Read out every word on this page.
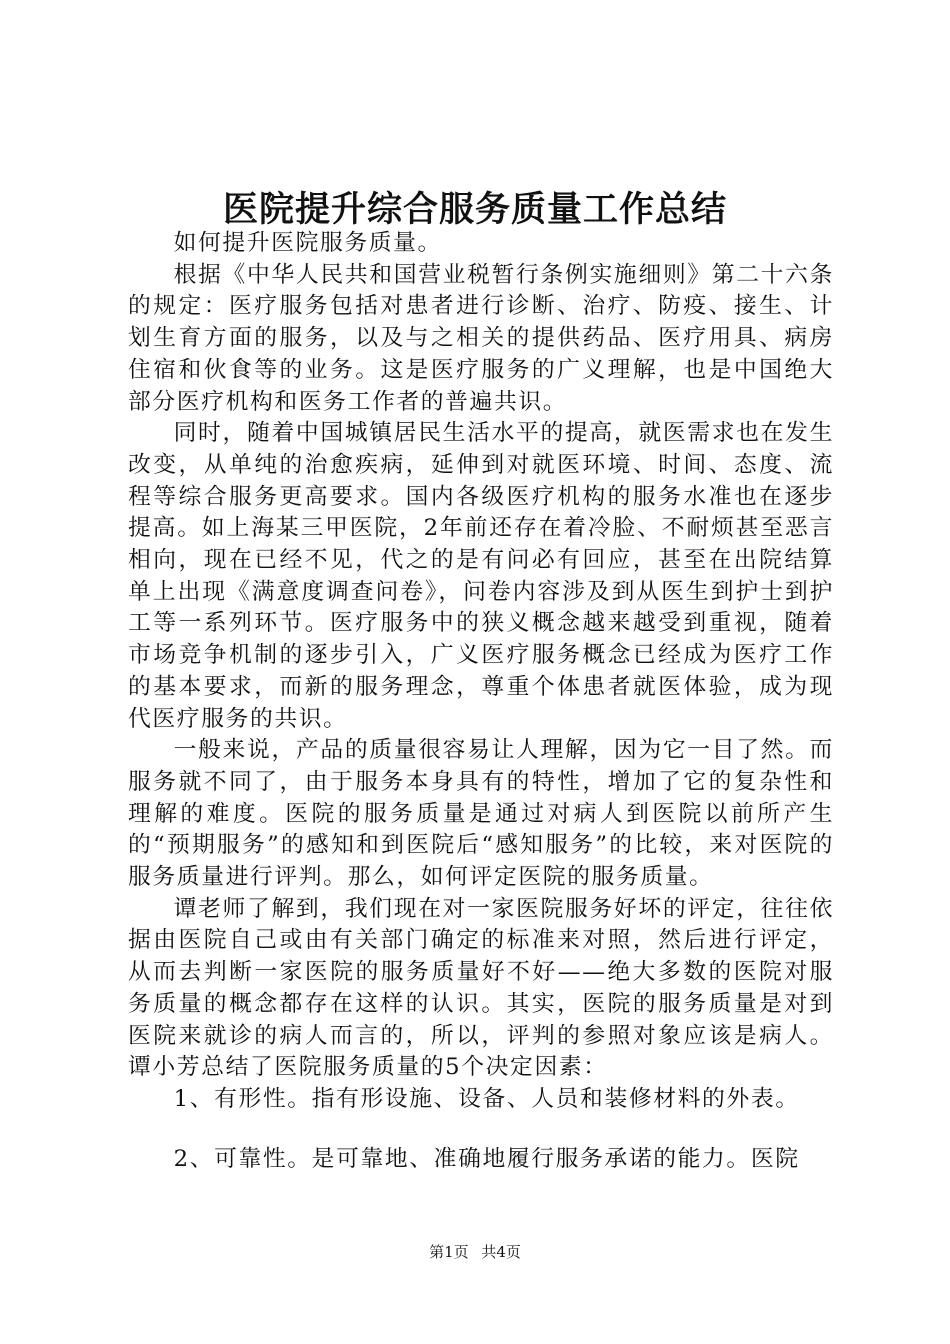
医院提升综合服务质量工作总结

如何提升医院服务质量。

根据《中华人民共和国营业税暂行条例实施细则》第二十六条的规定：医疗服务包括对患者进行诊断、治疗、防疫、接生、计划生育方面的服务，以及与之相关的提供药品、医疗用具、病房住宿和伙食等的业务。这是医疗服务的广义理解，也是中国绝大部分医疗机构和医务工作者的普遍共识。

同时，随着中国城镇居民生活水平的提高，就医需求也在发生改变，从单纯的治愈疾病，延伸到对就医环境、时间、态度、流程等综合服务更高要求。国内各级医疗机构的服务水准也在逐步提高。如上海某三甲医院，2年前还存在着冷脸、不耐烦甚至恶言相向，现在已经不见，代之的是有问必有回应，甚至在出院结算单上出现《满意度调查问卷》，问卷内容涉及到从医生到护士到护工等一系列环节。医疗服务中的狭义概念越来越受到重视，随着市场竞争机制的逐步引入，广义医疗服务概念已经成为医疗工作的基本要求，而新的服务理念，尊重个体患者就医体验，成为现代医疗服务的共识。

一般来说，产品的质量很容易让人理解，因为它一目了然。而服务就不同了，由于服务本身具有的特性，增加了它的复杂性和理解的难度。医院的服务质量是通过对病人到医院以前所产生的“预期服务”的感知和到医院后“感知服务”的比较，来对医院的服务质量进行评判。那么，如何评定医院的服务质量。

谭老师了解到，我们现在对一家医院服务好坏的评定，往往依据由医院自己或由有关部门确定的标准来对照，然后进行评定，从而去判断一家医院的服务质量好不好——绝大多数的医院对服务质量的概念都存在这样的认识。其实，医院的服务质量是对到医院来就诊的病人而言的，所以，评判的参照对象应该是病人。谭小芳总结了医院服务质量的5个决定因素：

1、有形性。指有形设施、设备、人员和装修材料的外表。

2、可靠性。是可靠地、准确地履行服务承诺的能力。医院

第1页 共4页
